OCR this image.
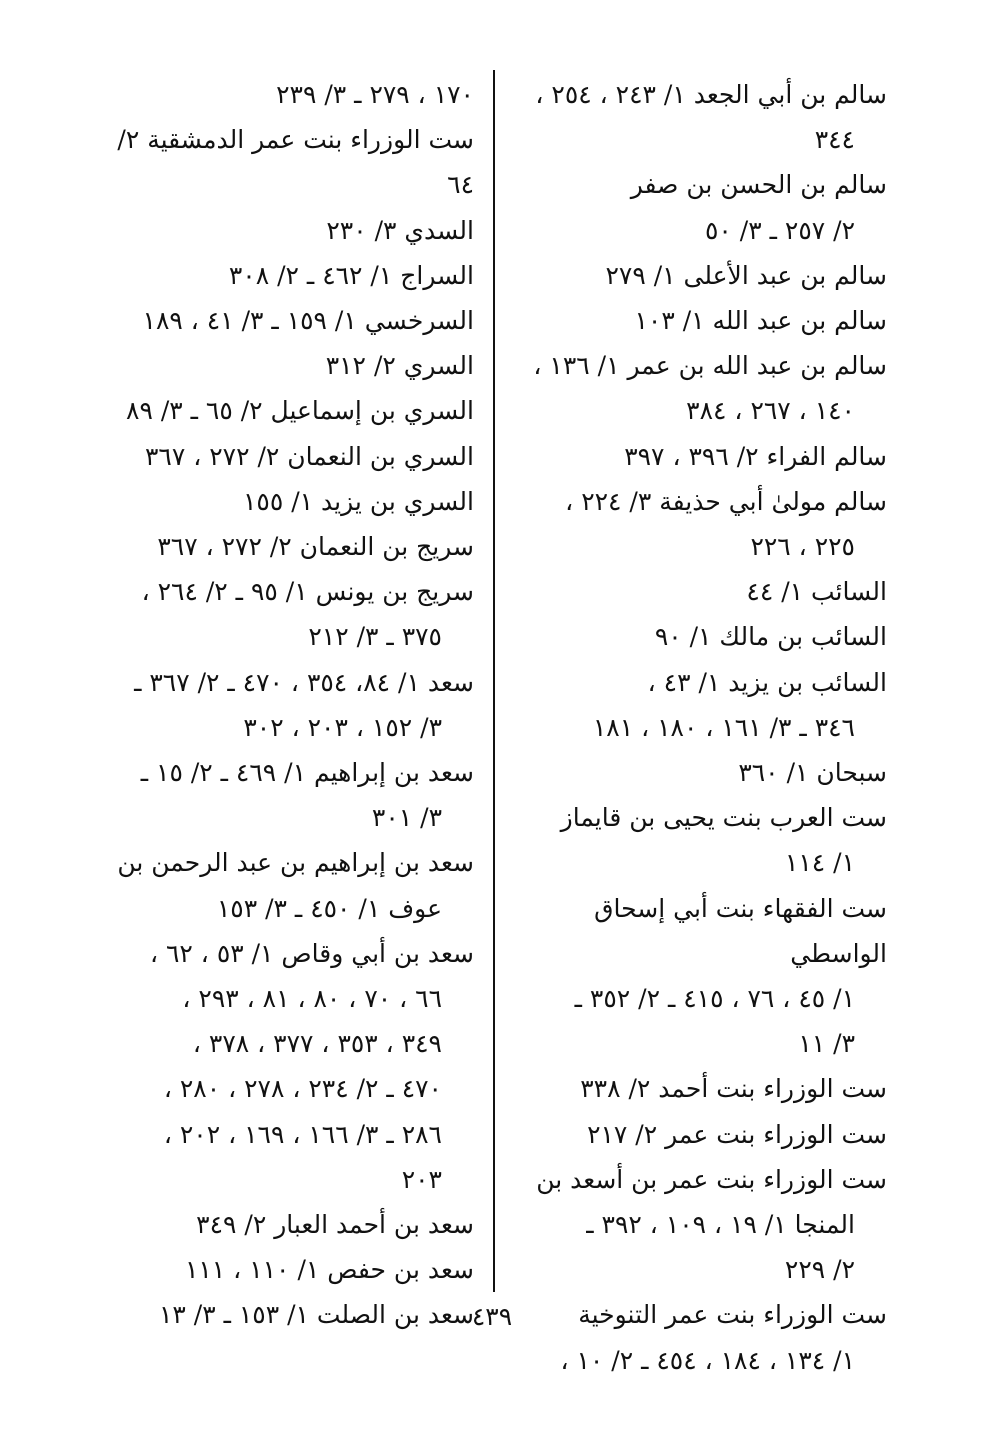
سالم بن أبي الجعد ١/ ٢٤٣ ، ٢٥٤ ،
٣٤٤
سالم بن الحسن بن صفر
٢/ ٢٥٧ ـ ٣/ ٥٠
سالم بن عبد الأعلى ١/ ٢٧٩
سالم بن عبد الله ١/ ١٠٣
سالم بن عبد الله بن عمر ١/ ١٣٦ ،
١٤٠ ، ٢٦٧ ، ٣٨٤
سالم الفراء ٢/ ٣٩٦ ، ٣٩٧
سالم مولىٰ أبي حذيفة ٣/ ٢٢٤ ،
٢٢٥ ، ٢٢٦
السائب ١/ ٤٤
السائب بن مالك ١/ ٩٠
السائب بن يزيد ١/ ٤٣ ،
٣٤٦ ـ ٣/ ١٦١ ، ١٨٠ ، ١٨١
سبحان ١/ ٣٦٠
ست العرب بنت يحيى بن قايماز
١/ ١١٤
ست الفقهاء بنت أبي إسحاق الواسطي
١/ ٤٥ ، ٧٦ ، ٤١٥ ـ ٢/ ٣٥٢ ـ
٣/ ١١
ست الوزراء بنت أحمد ٢/ ٣٣٨
ست الوزراء بنت عمر ٢/ ٢١٧
ست الوزراء بنت عمر بن أسعد بن
المنجا ١/ ١٩ ، ١٠٩ ، ٣٩٢ ـ
٢/ ٢٢٩
ست الوزراء بنت عمر التنوخية
١/ ١٣٤ ، ١٨٤ ، ٤٥٤ ـ ٢/ ١٠ ،
١٧٠ ، ٢٧٩ ـ ٣/ ٢٣٩
ست الوزراء بنت عمر الدمشقية ٢/ ٦٤
السدي ٣/ ٢٣٠
السراج ١/ ٤٦٢ ـ ٢/ ٣٠٨
السرخسي ١/ ١٥٩ ـ ٣/ ٤١ ، ١٨٩
السري ٢/ ٣١٢
السري بن إسماعيل ٢/ ٦٥ ـ ٣/ ٨٩
السري بن النعمان ٢/ ٢٧٢ ، ٣٦٧
السري بن يزيد ١/ ١٥٥
سريج بن النعمان ٢/ ٢٧٢ ، ٣٦٧
سريج بن يونس ١/ ٩٥ ـ ٢/ ٢٦٤ ،
٣٧٥ ـ ٣/ ٢١٢
سعد ١/ ٨٤، ٣٥٤ ، ٤٧٠ ـ ٢/ ٣٦٧ ـ
٣/ ١٥٢ ، ٢٠٣ ، ٣٠٢
سعد بن إبراهيم ١/ ٤٦٩ ـ ٢/ ١٥ ـ
٣/ ٣٠١
سعد بن إبراهيم بن عبد الرحمن بن
عوف ١/ ٤٥٠ ـ ٣/ ١٥٣
سعد بن أبي وقاص ١/ ٥٣ ، ٦٢ ،
٦٦ ، ٧٠ ، ٨٠ ، ٨١ ، ٢٩٣ ،
٣٤٩ ، ٣٥٣ ، ٣٧٧ ، ٣٧٨ ،
٤٧٠ ـ ٢/ ٢٣٤ ، ٢٧٨ ، ٢٨٠ ،
٢٨٦ ـ ٣/ ١٦٦ ، ١٦٩ ، ٢٠٢ ،
٢٠٣
سعد بن أحمد العبار ٢/ ٣٤٩
سعد بن حفص ١/ ١١٠ ، ١١١
سعد بن الصلت ١/ ١٥٣ ـ ٣/ ١٣
٤٣٩
